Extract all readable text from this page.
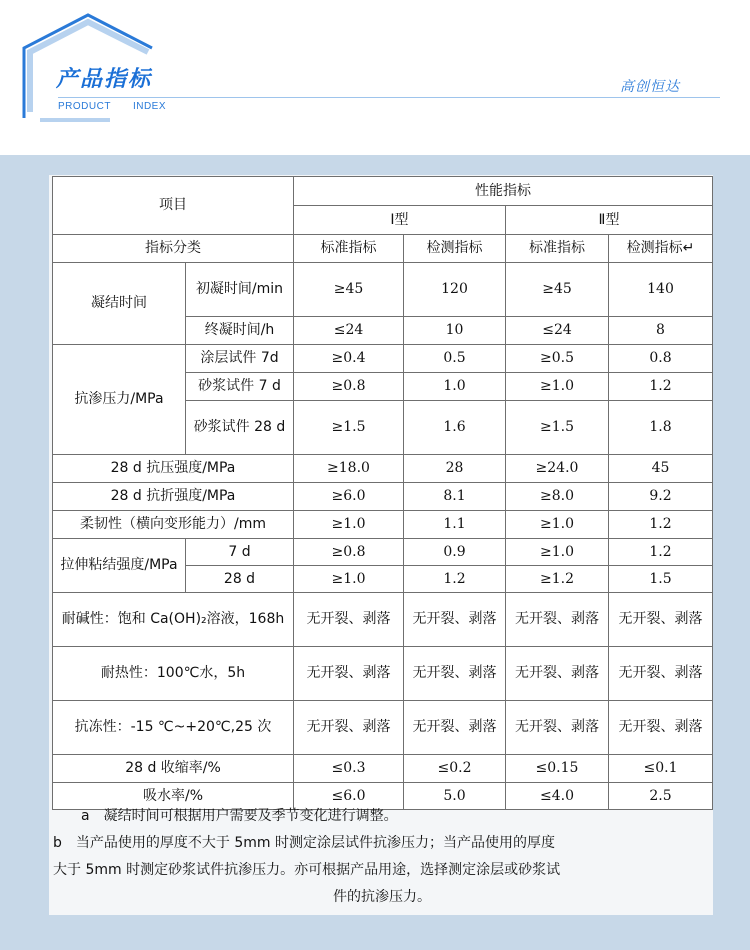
产品指标
PRODUCT INDEX
高创恒达
项目		性能指标			
		Ⅰ型		Ⅱ型	
指标分类		标准指标	检测指标	标准指标	检测指标↵
凝结时间	初凝时间/min	≥45	120	≥45	140
	终凝时间/h	≤24	10	≤24	8
抗渗压力/MPa	涂层试件 7d	≥0.4	0.5	≥0.5	0.8
	砂浆试件 7 d	≥0.8	1.0	≥1.0	1.2
	砂浆试件 28 d	≥1.5	1.6	≥1.5	1.8
28 d 抗压强度/MPa		≥18.0	28	≥24.0	45
28 d 抗折强度/MPa		≥6.0	8.1	≥8.0	9.2
柔韧性（横向变形能力）/mm		≥1.0	1.1	≥1.0	1.2
拉伸粘结强度/MPa	7 d	≥0.8	0.9	≥1.0	1.2
	28 d	≥1.0	1.2	≥1.2	1.5
耐碱性：饱和 Ca(OH)₂溶液，168h		无开裂、剥落	无开裂、剥落	无开裂、剥落	无开裂、剥落
耐热性：100℃水，5h		无开裂、剥落	无开裂、剥落	无开裂、剥落	无开裂、剥落
抗冻性：-15 ℃~+20℃,25 次		无开裂、剥落	无开裂、剥落	无开裂、剥落	无开裂、剥落
28 d 收缩率/%		≤0.3	≤0.2	≤0.15	≤0.1
吸水率/%		≤6.0	5.0	≤4.0	2.5
a　凝结时间可根据用户需要及季节变化进行调整。
b　当产品使用的厚度不大于 5mm 时测定涂层试件抗渗压力；当产品使用的厚度
大于 5mm 时测定砂浆试件抗渗压力。亦可根据产品用途，选择测定涂层或砂浆试
件的抗渗压力。
